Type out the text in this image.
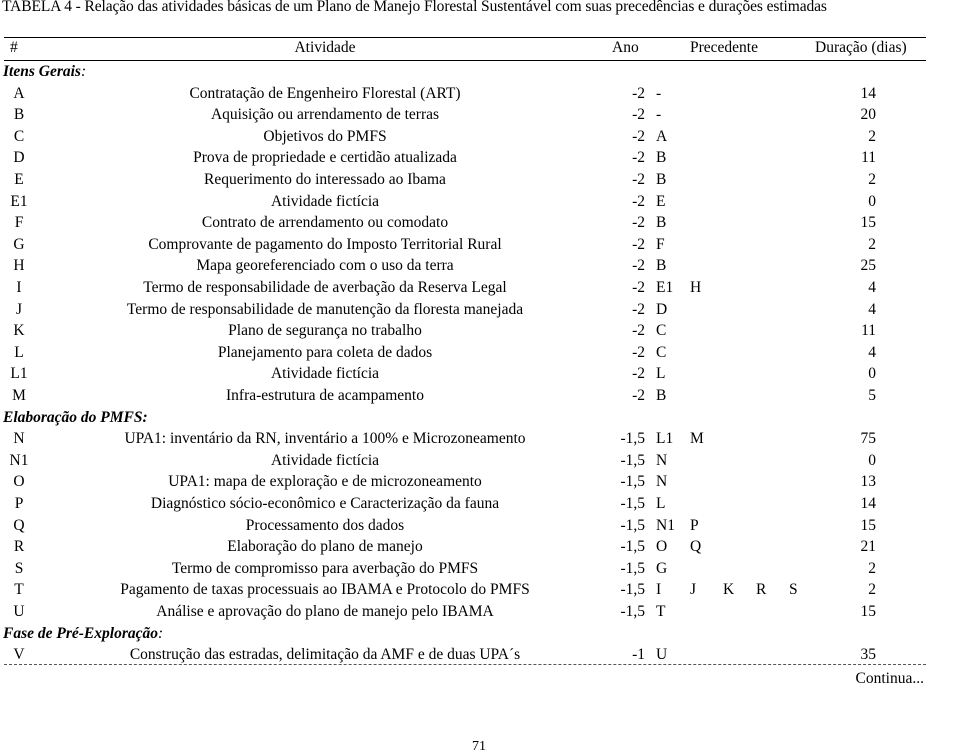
TABELA 4 - Relação das atividades básicas de um Plano de Manejo Florestal Sustentável com suas precedências e durações estimadas
#	Atividade	Ano	Precedente	Duração (dias)
Itens Gerais:
A	Contratação de Engenheiro Florestal (ART)	-2 -	14
B	Aquisição ou arrendamento de terras	-2 -	20
C	Objetivos do PMFS	-2 A	2
D	Prova de propriedade e certidão atualizada	-2 B	11
E	Requerimento do interessado ao Ibama	-2 B	2
E1	Atividade fictícia	-2 E	0
F	Contrato de arrendamento ou comodato	-2 B	15
G	Comprovante de pagamento do Imposto Territorial Rural	-2 F	2
H	Mapa georeferenciado com o uso da terra	-2 B	25
I	Termo de responsabilidade de averbação da Reserva Legal	-2 E1 H	4
J	Termo de responsabilidade de manutenção da floresta manejada	-2 D	4
K	Plano de segurança no trabalho	-2 C	11
L	Planejamento para coleta de dados	-2 C	4
L1	Atividade fictícia	-2 L	0
M	Infra-estrutura de acampamento	-2 B	5
Elaboração do PMFS:
N	UPA1: inventário da RN, inventário a 100% e Microzoneamento	-1,5 L1 M	75
N1	Atividade fictícia	-1,5 N	0
O	UPA1: mapa de exploração e de microzoneamento	-1,5 N	13
P	Diagnóstico sócio-econômico e Caracterização da fauna	-1,5 L	14
Q	Processamento dos dados	-1,5 N1 P	15
R	Elaboração do plano de manejo	-1,5 O Q	21
S	Termo de compromisso para averbação do PMFS	-1,5 G	2
T	Pagamento de taxas processuais ao IBAMA e Protocolo do PMFS	-1,5 I J K R S	2
U	Análise e aprovação do plano de manejo pelo IBAMA	-1,5 T	15
Fase de Pré-Exploração:
V	Construção das estradas, delimitação da AMF e de duas UPA´s	-1 U	35
Continua...
71
